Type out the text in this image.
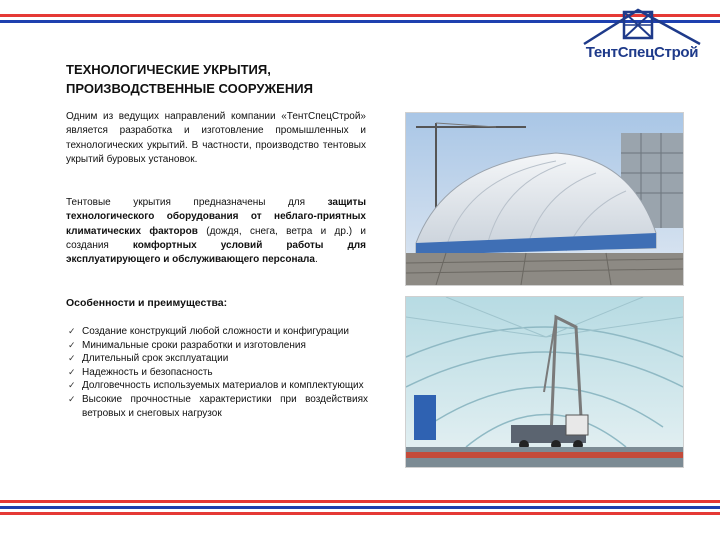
ТентСпецСтрой
ТЕХНОЛОГИЧЕСКИЕ УКРЫТИЯ,
ПРОИЗВОДСТВЕННЫЕ СООРУЖЕНИЯ
Одним из ведущих направлений компании «ТентСпецСтрой» является разработка и изготовление промышленных и технологических укрытий. В частности, производство тентовых укрытий буровых установок.
Тентовые укрытия предназначены для защиты технологического оборудования от неблаго-приятных климатических факторов (дождя, снега, ветра и др.) и создания комфортных условий работы для эксплуатирующего и обслуживающего персонала.
Особенности и преимущества:
✓ Создание конструкций любой сложности и конфигурации
✓ Минимальные сроки разработки и изготовления
✓ Длительный срок эксплуатации
✓ Надежность и безопасность
✓ Долговечность используемых материалов и комплектующих
✓ Высокие прочностные характеристики при воздействиях ветровых и снеговых нагрузок
